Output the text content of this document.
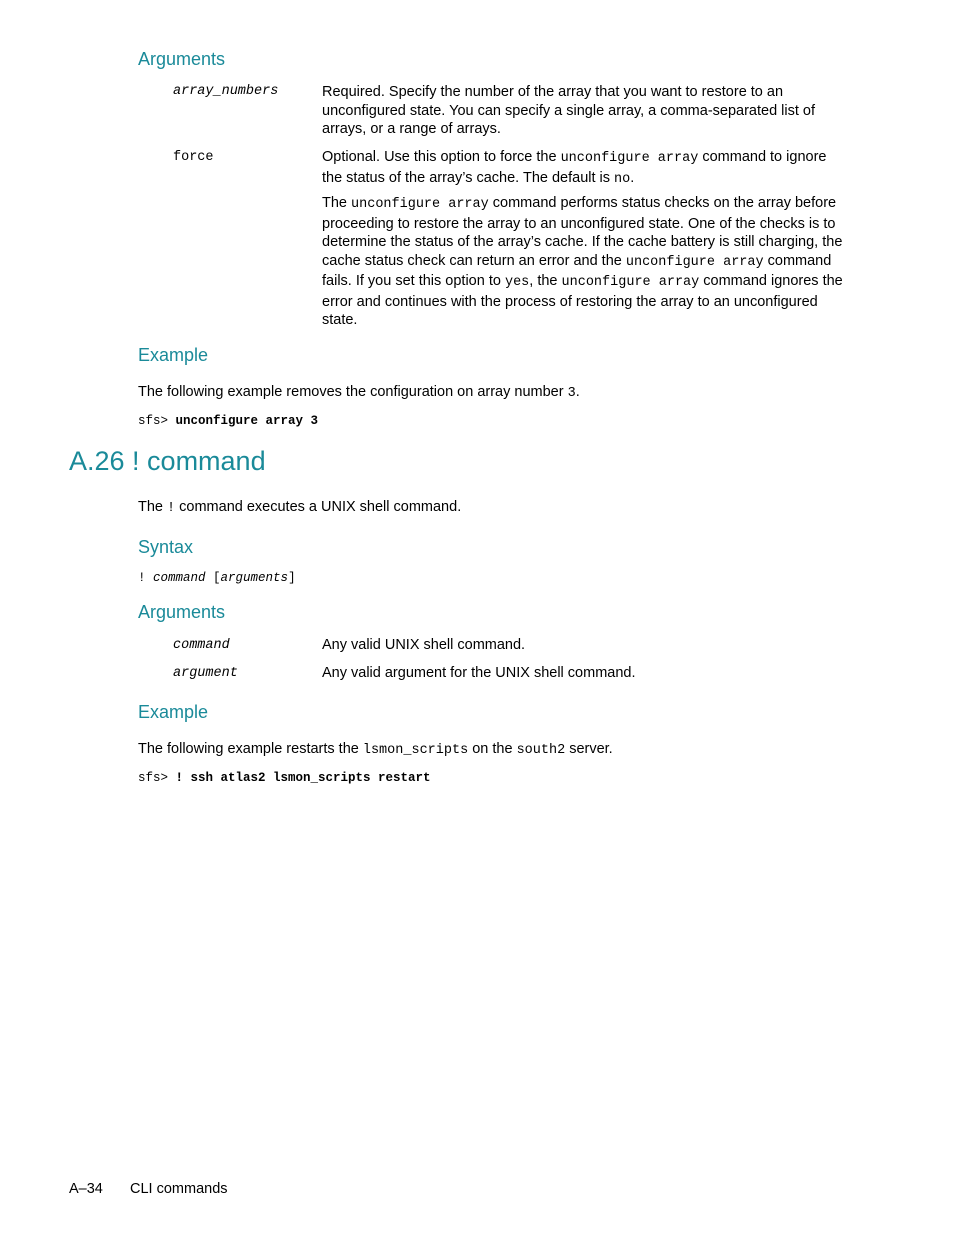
Arguments
array_numbers	Required. Specify the number of the array that you want to restore to an unconfigured state. You can specify a single array, a comma-separated list of arrays, or a range of arrays.
force	Optional. Use this option to force the unconfigure array command to ignore the status of the array’s cache. The default is no.
The unconfigure array command performs status checks on the array before proceeding to restore the array to an unconfigured state. One of the checks is to determine the status of the array’s cache. If the cache battery is still charging, the cache status check can return an error and the unconfigure array command fails. If you set this option to yes, the unconfigure array command ignores the error and continues with the process of restoring the array to an unconfigured state.
Example
The following example removes the configuration on array number 3.
sfs> unconfigure array 3
A.26 ! command
The ! command executes a UNIX shell command.
Syntax
! command [arguments]
Arguments
command	Any valid UNIX shell command.
argument	Any valid argument for the UNIX shell command.
Example
The following example restarts the lsmon_scripts on the south2 server.
sfs> ! ssh atlas2 lsmon_scripts restart
A–34 CLI commands
